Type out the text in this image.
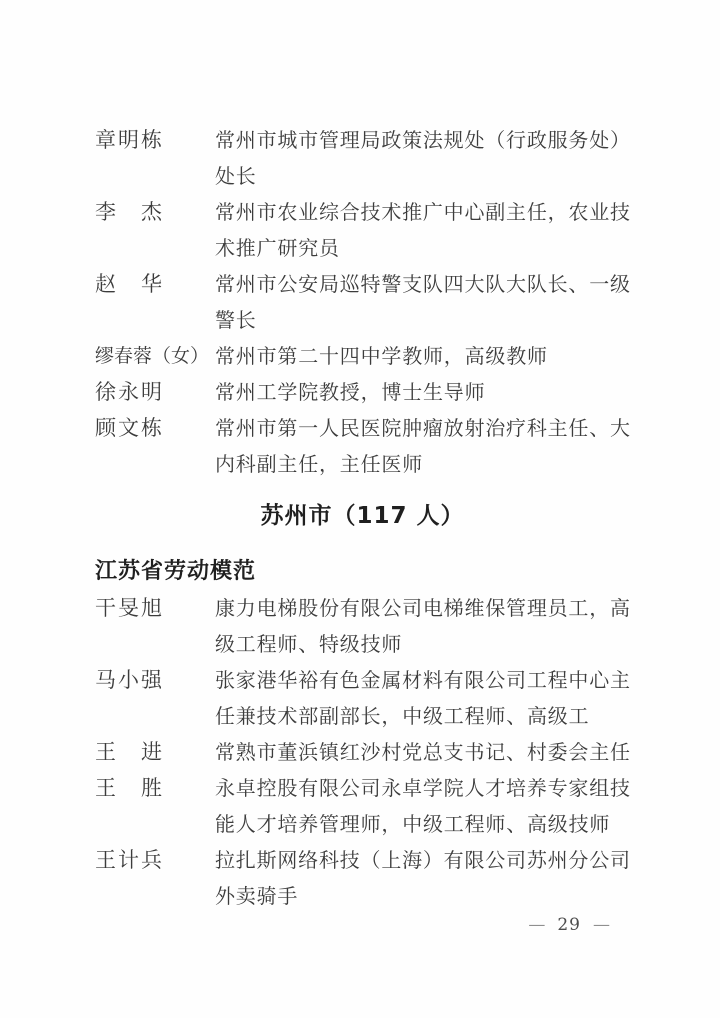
章明栋	常州市城市管理局政策法规处（行政服务处）
处长
李　杰	常州市农业综合技术推广中心副主任，农业技
术推广研究员
赵　华	常州市公安局巡特警支队四大队大队长、一级
警长
缪春蓉（女） 常州市第二十四中学教师，高级教师
徐永明	常州工学院教授，博士生导师
顾文栋	常州市第一人民医院肿瘤放射治疗科主任、大
内科副主任，主任医师
苏州市（117 人）
江苏省劳动模范
干旻旭	康力电梯股份有限公司电梯维保管理员工，高
级工程师、特级技师
马小强	张家港华裕有色金属材料有限公司工程中心主
任兼技术部副部长，中级工程师、高级工
王　进	常熟市董浜镇红沙村党总支书记、村委会主任
王　胜	永卓控股有限公司永卓学院人才培养专家组技
能人才培养管理师，中级工程师、高级技师
王计兵	拉扎斯网络科技（上海）有限公司苏州分公司
外卖骑手
— 29 —
